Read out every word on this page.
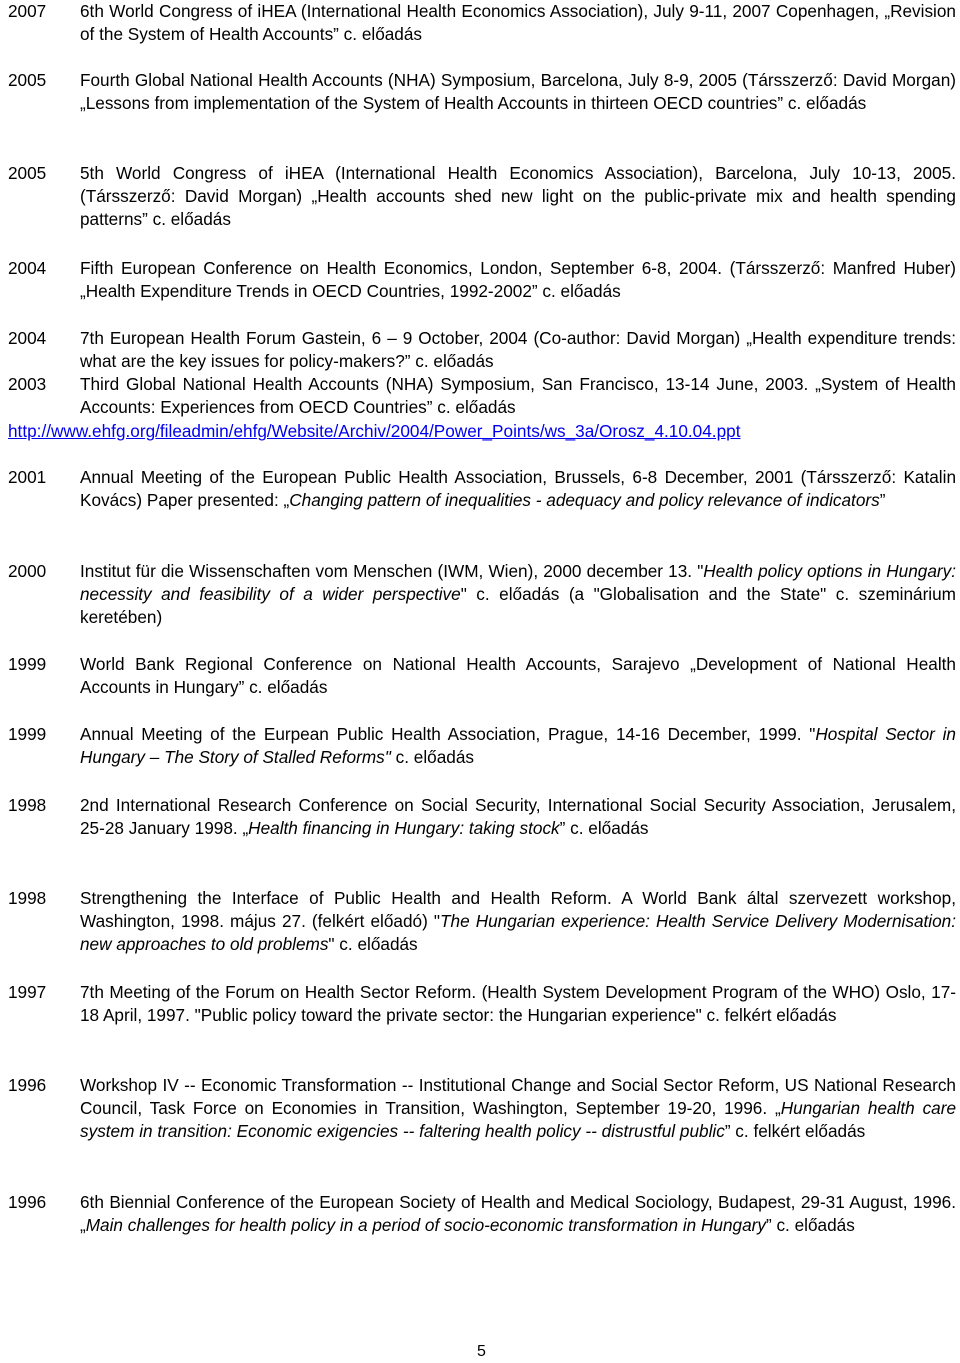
2007	6th World Congress of iHEA (International Health Economics Association), July 9-11, 2007 Copenhagen, „Revision of the System of Health Accounts” c. előadás
2005	Fourth Global National Health Accounts (NHA) Symposium, Barcelona, July 8-9, 2005 (Társszerző: David Morgan) „Lessons from implementation of the System of Health Accounts in thirteen OECD countries” c. előadás
2005	5th World Congress of iHEA (International Health Economics Association), Barcelona, July 10-13, 2005. (Társszerző: David Morgan) „Health accounts shed new light on the public-private mix and health spending patterns” c. előadás
2004	Fifth European Conference on Health Economics, London, September 6-8, 2004. (Társszerző: Manfred Huber) „Health Expenditure Trends in OECD Countries, 1992-2002” c. előadás
2004	7th European Health Forum Gastein, 6 – 9 October, 2004 (Co-author: David Morgan) „Health expenditure trends: what are the key issues for policy-makers?” c. előadás
2003	Third Global National Health Accounts (NHA) Symposium, San Francisco, 13-14 June, 2003. „System of Health Accounts: Experiences from OECD Countries” c. előadás
http://www.ehfg.org/fileadmin/ehfg/Website/Archiv/2004/Power_Points/ws_3a/Orosz_4.10.04.ppt
2001	Annual Meeting of the European Public Health Association, Brussels, 6-8 December, 2001 (Társszerző: Katalin Kovács) Paper presented: „Changing pattern of inequalities - adequacy and policy relevance of indicators”
2000	Institut für die Wissenschaften vom Menschen (IWM, Wien), 2000 december 13. "Health policy options in Hungary: necessity and feasibility of a wider perspective" c. előadás (a "Globalisation and the State" c. szeminárium keretében)
1999	World Bank Regional Conference on National Health Accounts, Sarajevo „Development of National Health Accounts in Hungary” c. előadás
1999	Annual Meeting of the Eurpean Public Health Association, Prague, 14-16 December, 1999. "Hospital Sector in Hungary – The Story of Stalled Reforms" c. előadás
1998	2nd International Research Conference on Social Security, International Social Security Association, Jerusalem, 25-28 January 1998. „Health financing in Hungary: taking stock” c. előadás
1998	Strengthening the Interface of Public Health and Health Reform. A World Bank által szervezett workshop, Washington, 1998. május 27. (felkért előadó) "The Hungarian experience: Health Service Delivery Modernisation: new approaches to old problems" c. előadás
1997	7th Meeting of the Forum on Health Sector Reform. (Health System Development Program of the WHO) Oslo, 17-18 April, 1997. "Public policy toward the private sector: the Hungarian experience" c. felkért előadás
1996	Workshop IV -- Economic Transformation -- Institutional Change and Social Sector Reform, US National Research Council, Task Force on Economies in Transition, Washington, September 19-20, 1996. „Hungarian health care system in transition: Economic exigencies -- faltering health policy -- distrustful public” c. felkért előadás
1996	6th Biennial Conference of the European Society of Health and Medical Sociology, Budapest, 29-31 August, 1996. „Main challenges for health policy in a period of socio-economic transformation in Hungary” c. előadás
5
